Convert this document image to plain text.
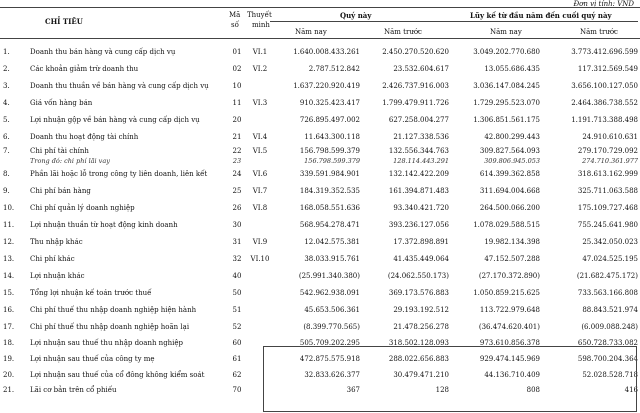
Đơn vị tính: VND
CHỈ TIÊU
Mã
số
Thuyết
minh
Quý này	Lũy kế từ đầu năm đến cuối quý này
Năm nay	Năm trước	Năm nay	Năm trước
1.	Doanh thu bán hàng và cung cấp dịch vụ	01	VI.1	1.640.008.433.261	2.450.270.520.620	3.049.202.770.680	3.773.412.696.599
2.	Các khoản giảm trừ doanh thu	02	VI.2	2.787.512.842	23.532.604.617	13.055.686.435	117.312.569.549
3.	Doanh thu thuần về bán hàng và cung cấp dịch vụ	10		1.637.220.920.419	2.426.737.916.003	3.036.147.084.245	3.656.100.127.050
4.	Giá vốn hàng bán	11	VI.3	910.325.423.417	1.799.479.911.726	1.729.295.523.070	2.464.386.738.552
5.	Lợi nhuận gộp về bán hàng và cung cấp dịch vụ	20		726.895.497.002	627.258.004.277	1.306.851.561.175	1.191.713.388.498
6.	Doanh thu hoạt động tài chính	21	VI.4	11.643.300.118	21.127.338.536	42.800.299.443	24.910.610.631
7.	Chi phí tài chính	22	VI.5	156.798.599.379	132.556.344.763	309.827.564.093	279.170.729.092
	Trong đó: chi phí lãi vay	23		156.798.599.379	128.114.443.291	309.806.945.053	274.710.361.977
8.	Phần lãi hoặc lỗ trong công ty liên doanh, liên kết	24	VI.6	339.591.984.901	132.142.422.209	614.399.362.858	318.613.162.999
9.	Chi phí bán hàng	25	VI.7	184.319.352.535	161.394.871.483	311.694.004.668	325.711.063.588
10.	Chi phí quản lý doanh nghiệp	26	VI.8	168.058.551.636	93.340.421.720	264.500.066.200	175.109.727.468
11.	Lợi nhuận thuần từ hoạt động kinh doanh	30		568.954.278.471	393.236.127.056	1.078.029.588.515	755.245.641.980
12.	Thu nhập khác	31	VI.9	12.042.575.381	17.372.898.891	19.982.134.398	25.342.050.023
13.	Chi phí khác	32	VI.10	38.033.915.761	41.435.449.064	47.152.507.288	47.024.525.195
14.	Lợi nhuận khác	40		(25.991.340.380)	(24.062.550.173)	(27.170.372.890)	(21.682.475.172)
15.	Tổng lợi nhuận kế toán trước thuế	50		542.962.938.091	369.173.576.883	1.050.859.215.625	733.563.166.808
16.	Chi phí thuế thu nhập doanh nghiệp hiện hành	51		45.653.506.361	29.193.192.512	113.722.979.648	88.843.521.974
17.	Chi phí thuế thu nhập doanh nghiệp hoãn lại	52		(8.399.770.565)	21.478.256.278	(36.474.620.401)	(6.009.088.248)
18.	Lợi nhuận sau thuế thu nhập doanh nghiệp	60		505.709.202.295	318.502.128.093	973.610.856.378	650.728.733.082
19.	Lợi nhuận sau thuế của công ty mẹ	61		472.875.575.918	288.022.656.883	929.474.145.969	598.700.204.364
20.	Lợi nhuận sau thuế của cổ đông không kiểm soát	62		32.833.626.377	30.479.471.210	44.136.710.409	52.028.528.718
21.	Lãi cơ bản trên cổ phiếu	70		367	128	808	416
